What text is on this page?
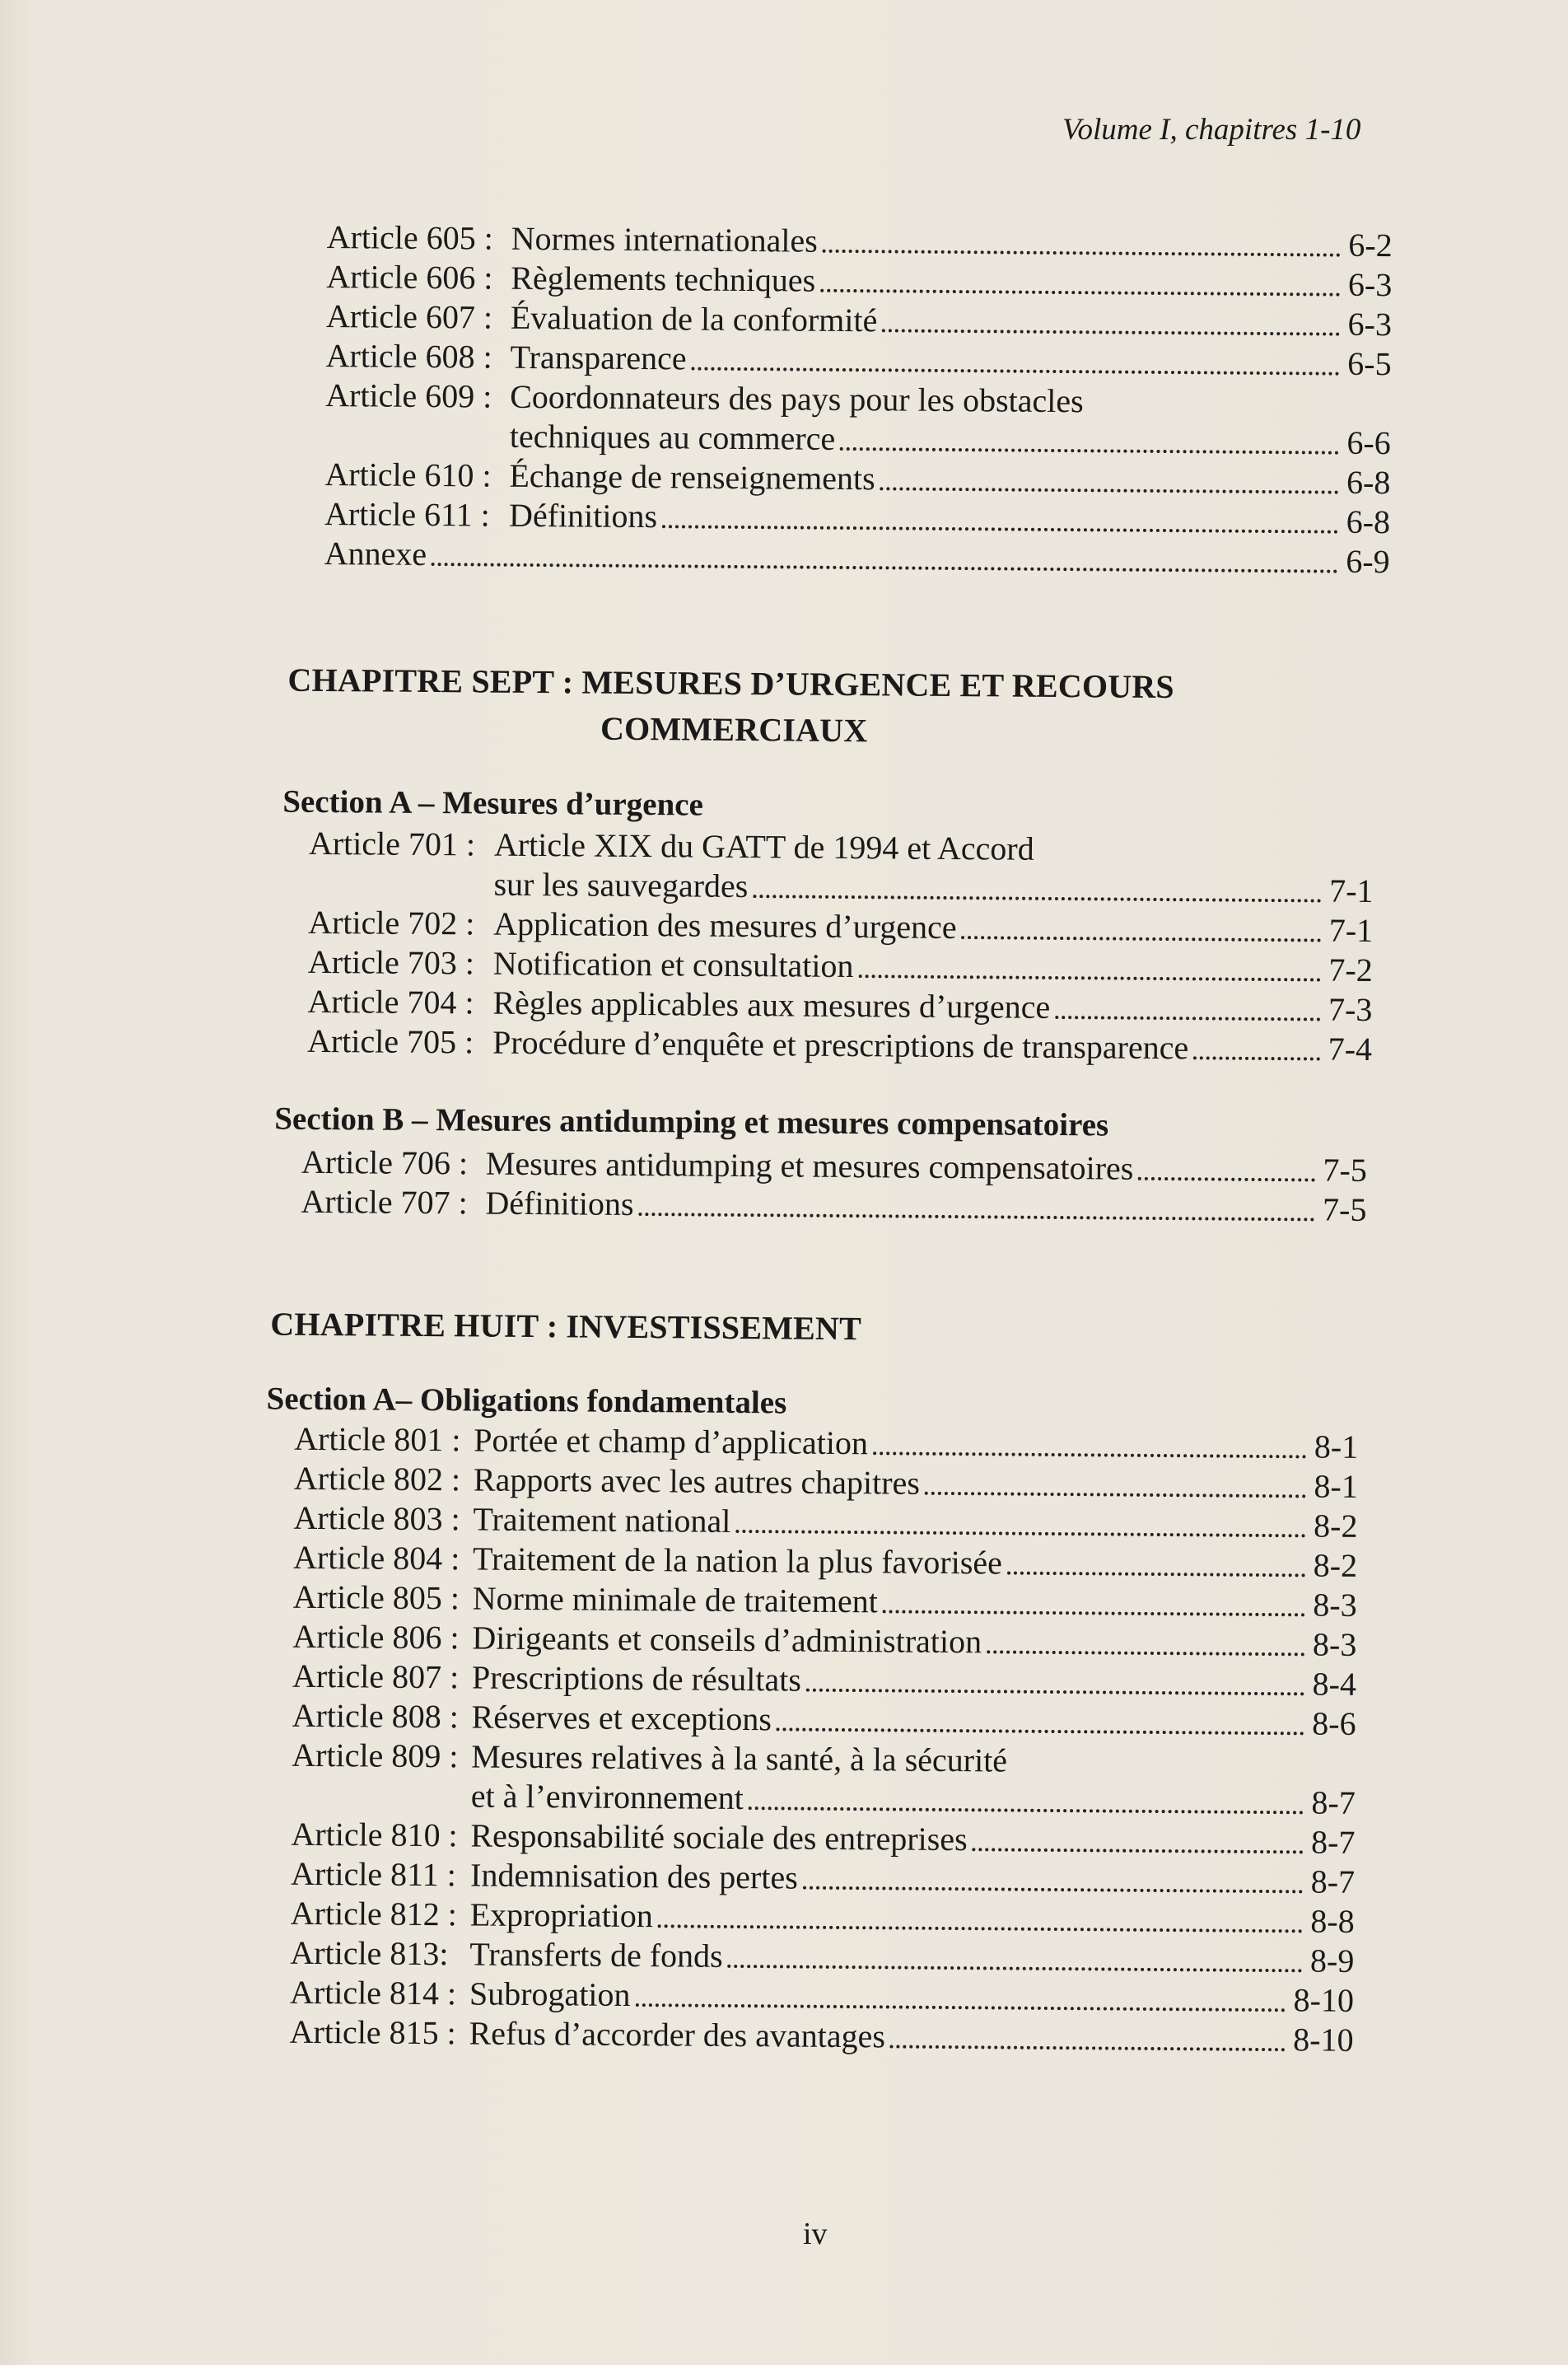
Volume I, chapitres 1-10
Article 605 : Normes internationales	6-2
Article 606 : Règlements techniques	6-3
Article 607 : Évaluation de la conformité	6-3
Article 608 : Transparence	6-5
Article 609 : Coordonnateurs des pays pour les obstacles
techniques au commerce	6-6
Article 610 : Échange de renseignements	6-8
Article 611 : Définitions	6-8
Annexe	6-9
CHAPITRE SEPT : MESURES D’URGENCE ET RECOURS
COMMERCIAUX
Section A – Mesures d’urgence
Article 701 : Article XIX du GATT de 1994 et Accord
sur les sauvegardes	7-1
Article 702 : Application des mesures d’urgence	7-1
Article 703 : Notification et consultation	7-2
Article 704 : Règles applicables aux mesures d’urgence	7-3
Article 705 : Procédure d’enquête et prescriptions de transparence	7-4
Section B – Mesures antidumping et mesures compensatoires
Article 706 : Mesures antidumping et mesures compensatoires	7-5
Article 707 : Définitions	7-5
CHAPITRE HUIT : INVESTISSEMENT
Section A– Obligations fondamentales
Article 801 : Portée et champ d’application	8-1
Article 802 : Rapports avec les autres chapitres	8-1
Article 803 : Traitement national	8-2
Article 804 : Traitement de la nation la plus favorisée	8-2
Article 805 : Norme minimale de traitement	8-3
Article 806 : Dirigeants et conseils d’administration	8-3
Article 807 : Prescriptions de résultats	8-4
Article 808 : Réserves et exceptions	8-6
Article 809 : Mesures relatives à la santé, à la sécurité
et à l’environnement	8-7
Article 810 : Responsabilité sociale des entreprises	8-7
Article 811 : Indemnisation des pertes	8-7
Article 812 : Expropriation	8-8
Article 813: Transferts de fonds	8-9
Article 814 : Subrogation	8-10
Article 815 : Refus d’accorder des avantages	8-10
iv
